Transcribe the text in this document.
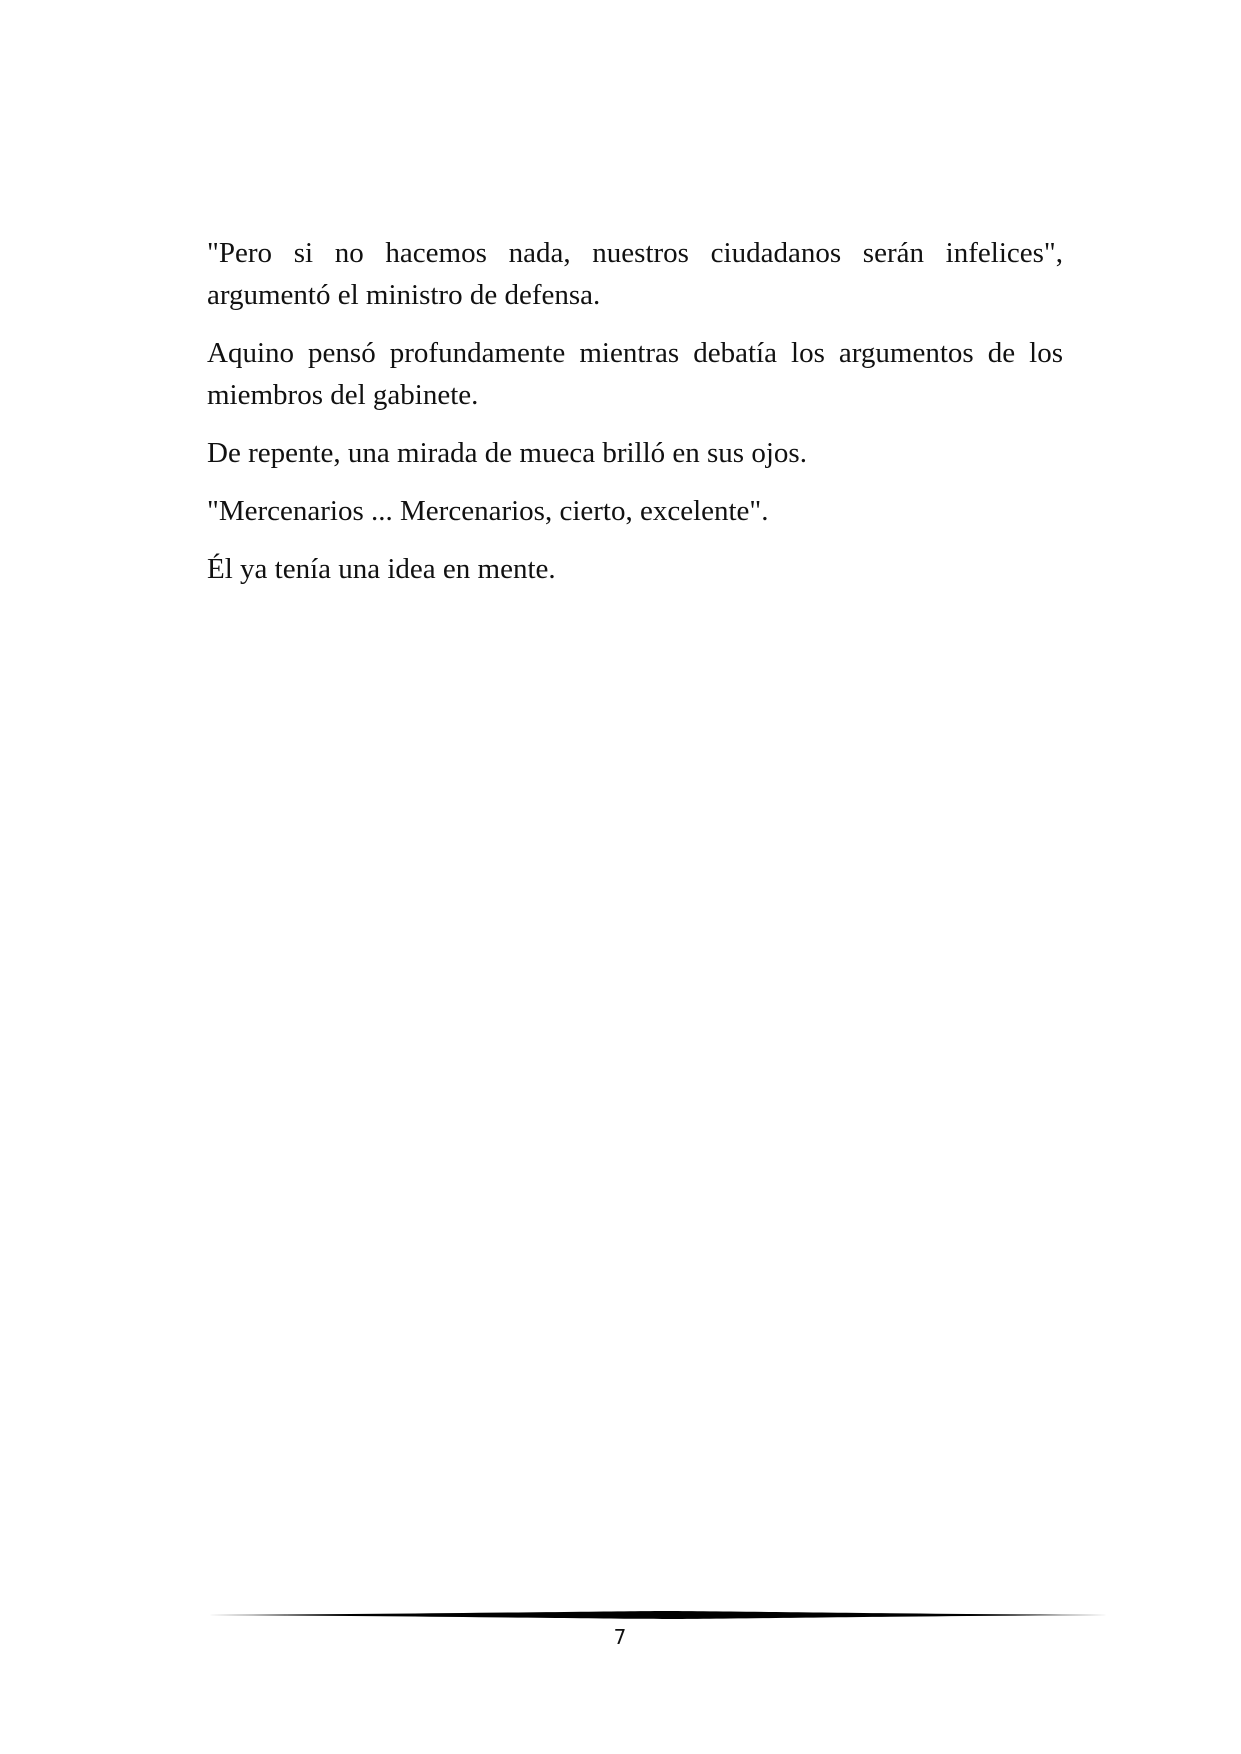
"Pero si no hacemos nada, nuestros ciudadanos serán infelices", argumentó el ministro de defensa.

Aquino pensó profundamente mientras debatía los argumentos de los miembros del gabinete.

De repente, una mirada de mueca brilló en sus ojos.

"Mercenarios ... Mercenarios, cierto, excelente".

Él ya tenía una idea en mente.

7
